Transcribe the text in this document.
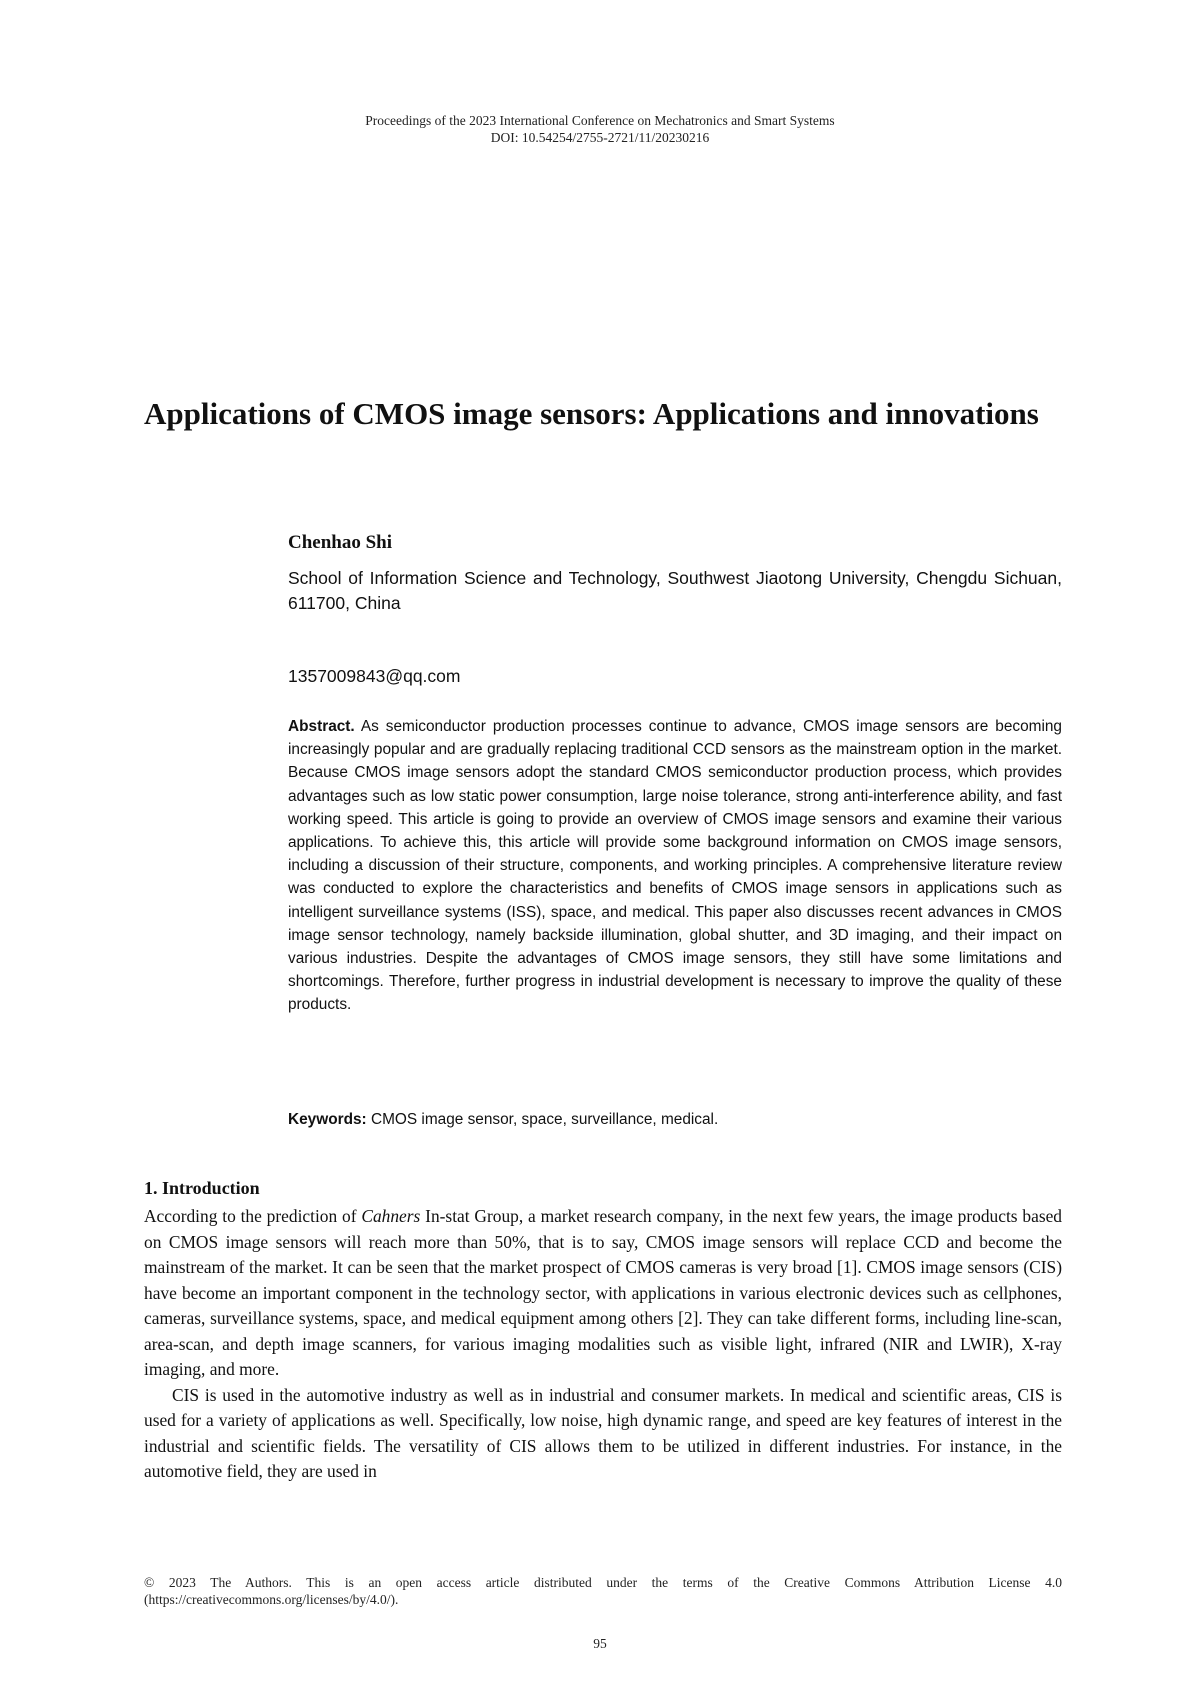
Proceedings of the 2023 International Conference on Mechatronics and Smart Systems
DOI: 10.54254/2755-2721/11/20230216
Applications of CMOS image sensors: Applications and innovations
Chenhao Shi
School of Information Science and Technology, Southwest Jiaotong University, Chengdu Sichuan, 611700, China
1357009843@qq.com
Abstract. As semiconductor production processes continue to advance, CMOS image sensors are becoming increasingly popular and are gradually replacing traditional CCD sensors as the mainstream option in the market. Because CMOS image sensors adopt the standard CMOS semiconductor production process, which provides advantages such as low static power consumption, large noise tolerance, strong anti-interference ability, and fast working speed. This article is going to provide an overview of CMOS image sensors and examine their various applications. To achieve this, this article will provide some background information on CMOS image sensors, including a discussion of their structure, components, and working principles. A comprehensive literature review was conducted to explore the characteristics and benefits of CMOS image sensors in applications such as intelligent surveillance systems (ISS), space, and medical. This paper also discusses recent advances in CMOS image sensor technology, namely backside illumination, global shutter, and 3D imaging, and their impact on various industries. Despite the advantages of CMOS image sensors, they still have some limitations and shortcomings. Therefore, further progress in industrial development is necessary to improve the quality of these products.
Keywords: CMOS image sensor, space, surveillance, medical.
1. Introduction

According to the prediction of Cahners In-stat Group, a market research company, in the next few years, the image products based on CMOS image sensors will reach more than 50%, that is to say, CMOS image sensors will replace CCD and become the mainstream of the market. It can be seen that the market prospect of CMOS cameras is very broad [1]. CMOS image sensors (CIS) have become an important component in the technology sector, with applications in various electronic devices such as cellphones, cameras, surveillance systems, space, and medical equipment among others [2]. They can take different forms, including line-scan, area-scan, and depth image scanners, for various imaging modalities such as visible light, infrared (NIR and LWIR), X-ray imaging, and more.

CIS is used in the automotive industry as well as in industrial and consumer markets. In medical and scientific areas, CIS is used for a variety of applications as well. Specifically, low noise, high dynamic range, and speed are key features of interest in the industrial and scientific fields. The versatility of CIS allows them to be utilized in different industries. For instance, in the automotive field, they are used in

© 2023 The Authors. This is an open access article distributed under the terms of the Creative Commons Attribution License 4.0 (https://creativecommons.org/licenses/by/4.0/).
95
